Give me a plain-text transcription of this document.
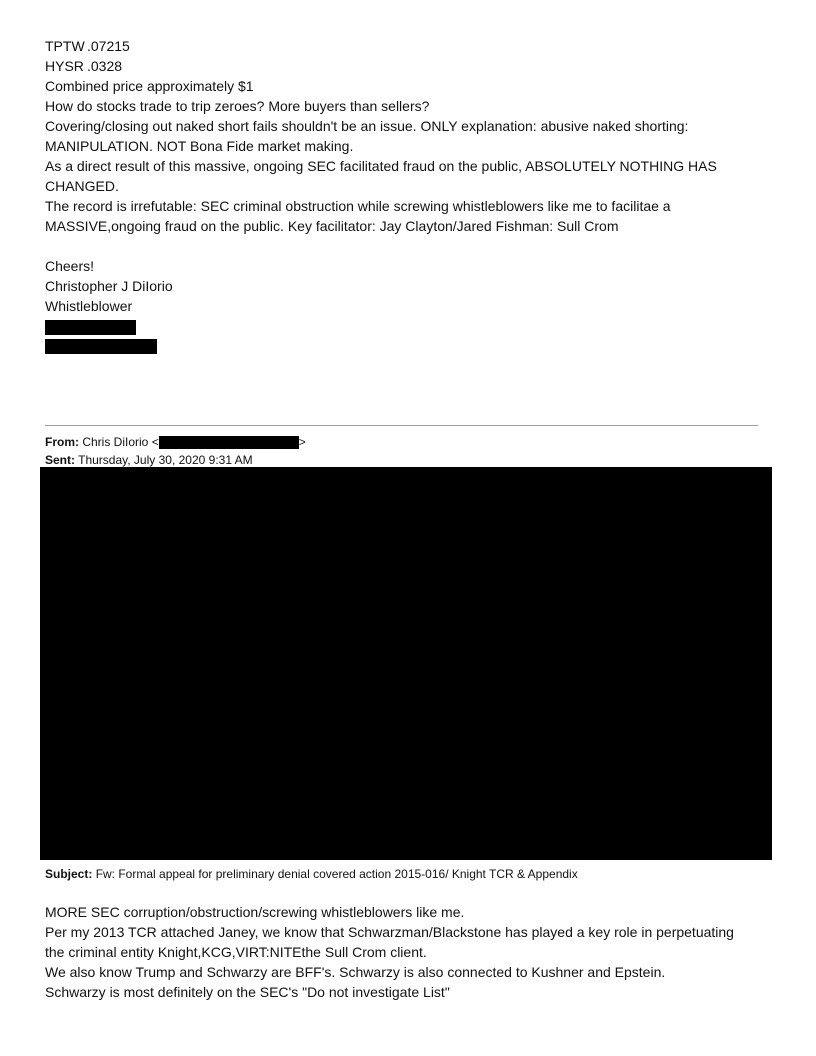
TPTW .07215
HYSR .0328
Combined price approximately $1
How do stocks trade to trip zeroes? More buyers than sellers?
Covering/closing out naked short fails shouldn't be an issue. ONLY explanation: abusive naked shorting:
MANIPULATION. NOT Bona Fide market making.
As a direct result of this massive, ongoing SEC facilitated fraud on the public, ABSOLUTELY NOTHING HAS
CHANGED.
The record is irrefutable: SEC criminal obstruction while screwing whistleblowers like me to facilitae a
MASSIVE,ongoing fraud on the public. Key facilitator: Jay Clayton/Jared Fishman: Sull Crom
Cheers!
Christopher J DiIorio
Whistleblower
From: Chris DiIorio <	>
Sent: Thursday, July 30, 2020 9:31 AM
Subject: Fw: Formal appeal for preliminary denial covered action 2015-016/ Knight TCR & Appendix
MORE SEC corruption/obstruction/screwing whistleblowers like me.
Per my 2013 TCR attached Janey, we know that Schwarzman/Blackstone has played a key role in perpetuating
the criminal entity Knight,KCG,VIRT:NITEthe Sull Crom client.
We also know Trump and Schwarzy are BFF's. Schwarzy is also connected to Kushner and Epstein.
Schwarzy is most definitely on the SEC's "Do not investigate List"
